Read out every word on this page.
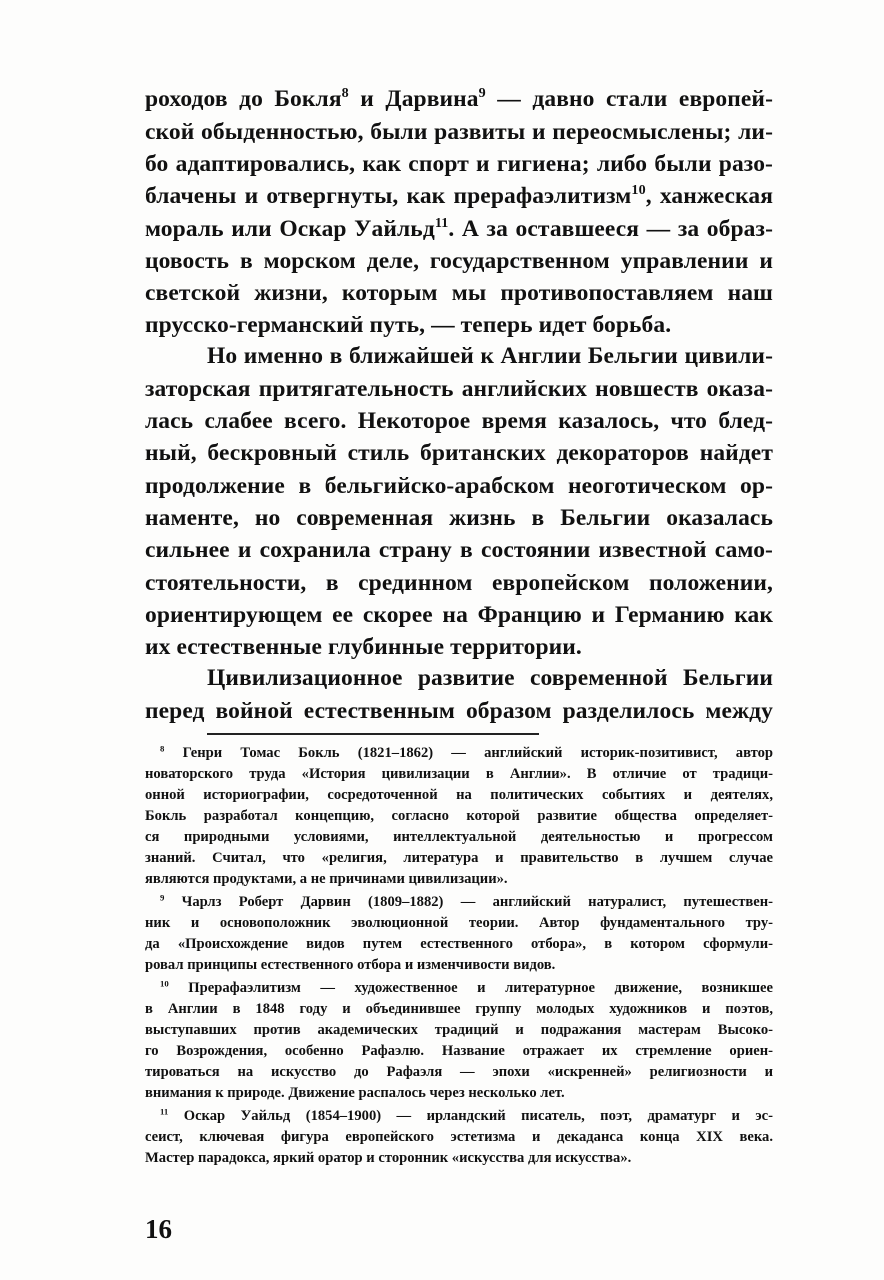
роходов до Бокля$^8$ и Дарвина$^9$ — давно стали европей-
ской обыденностью, были развиты и переосмыслены; ли-
бо адаптировались, как спорт и гигиена; либо были разо-
блачены и отвергнуты, как прерафаэлитизм$^{10}$, ханжеская
мораль или Оскар Уайльд$^{11}$. А за оставшееся — за образ-
цовость в морском деле, государственном управлении и
светской жизни, которым мы противопоставляем наш
прусско-германский путь, — теперь идет борьба.
Но именно в ближайшей к Англии Бельгии цивили-
заторская притягательность английских новшеств оказа-
лась слабее всего. Некоторое время казалось, что блед-
ный, бескровный стиль британских декораторов найдет
продолжение в бельгийско-арабском неоготическом ор-
наменте, но современная жизнь в Бельгии оказалась
сильнее и сохранила страну в состоянии известной само-
стоятельности, в срединном европейском положении,
ориентирующем ее скорее на Францию и Германию как
их естественные глубинные территории.
Цивилизационное развитие современной Бельгии
перед войной естественным образом разделилось между
$^8$ Генри Томас Бокль (1821–1862) — английский историк-позитивист, автор
новаторского труда «История цивилизации в Англии». В отличие от традици-
онной историографии, сосредоточенной на политических событиях и деятелях,
Бокль разработал концепцию, согласно которой развитие общества определяет-
ся природными условиями, интеллектуальной деятельностью и прогрессом
знаний. Считал, что «религия, литература и правительство в лучшем случае
являются продуктами, а не причинами цивилизации».
$^9$ Чарлз Роберт Дарвин (1809–1882) — английский натуралист, путешествен-
ник и основоположник эволюционной теории. Автор фундаментального тру-
да «Происхождение видов путем естественного отбора», в котором сформули-
ровал принципы естественного отбора и изменчивости видов.
$^{10}$ Прерафаэлитизм — художественное и литературное движение, возникшее
в Англии в 1848 году и объединившее группу молодых художников и поэтов,
выступавших против академических традиций и подражания мастерам Высоко-
го Возрождения, особенно Рафаэлю. Название отражает их стремление ориен-
тироваться на искусство до Рафаэля — эпохи «искренней» религиозности и
внимания к природе. Движение распалось через несколько лет.
$^{11}$ Оскар Уайльд (1854–1900) — ирландский писатель, поэт, драматург и эс-
сеист, ключевая фигура европейского эстетизма и декаданса конца XIX века.
Мастер парадокса, яркий оратор и сторонник «искусства для искусства».
16
